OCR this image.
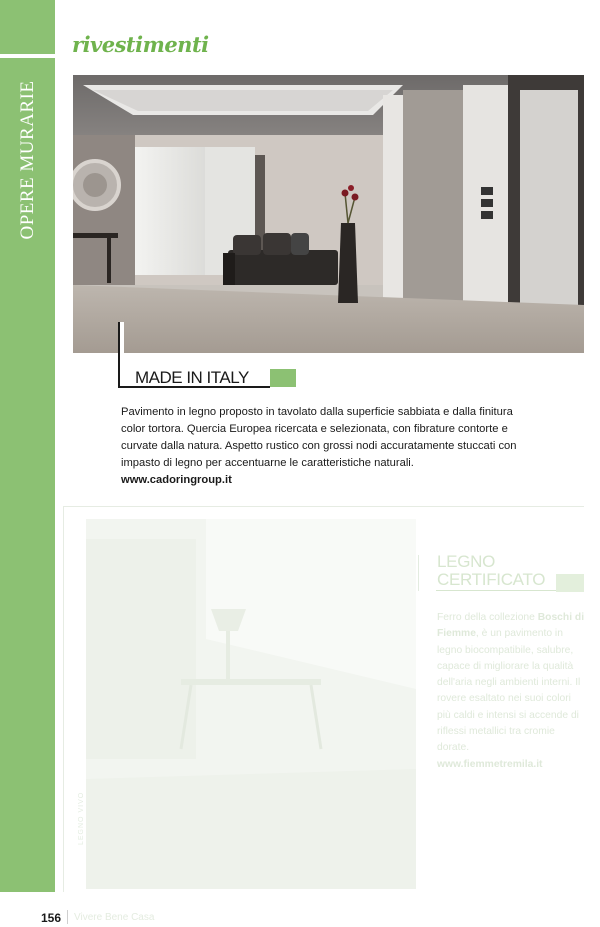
OPERE MURARIE
rivestimenti
MADE IN ITALY
Pavimento in legno proposto in tavolato dalla superficie sabbiata e dalla finitura color tortora. Quercia Europea ricercata e selezionata, con fibrature contorte e curvate dalla natura. Aspetto rustico con grossi nodi accuratamente stuccati con impasto di legno per accentuarne le caratteristiche naturali.
www.cadoringroup.it
LEGNO
CERTIFICATO
Ferro della collezione Boschi di Fiemme, è un pavimento in legno biocompatibile, salubre, capace di migliorare la qualità dell'aria negli ambienti interni. Il rovere esaltato nei suoi colori più caldi e intensi si accende di riflessi metallici tra cromie dorate.
www.fiemmetremila.it
LEGNO VIVO
156 Vivere Bene Casa
